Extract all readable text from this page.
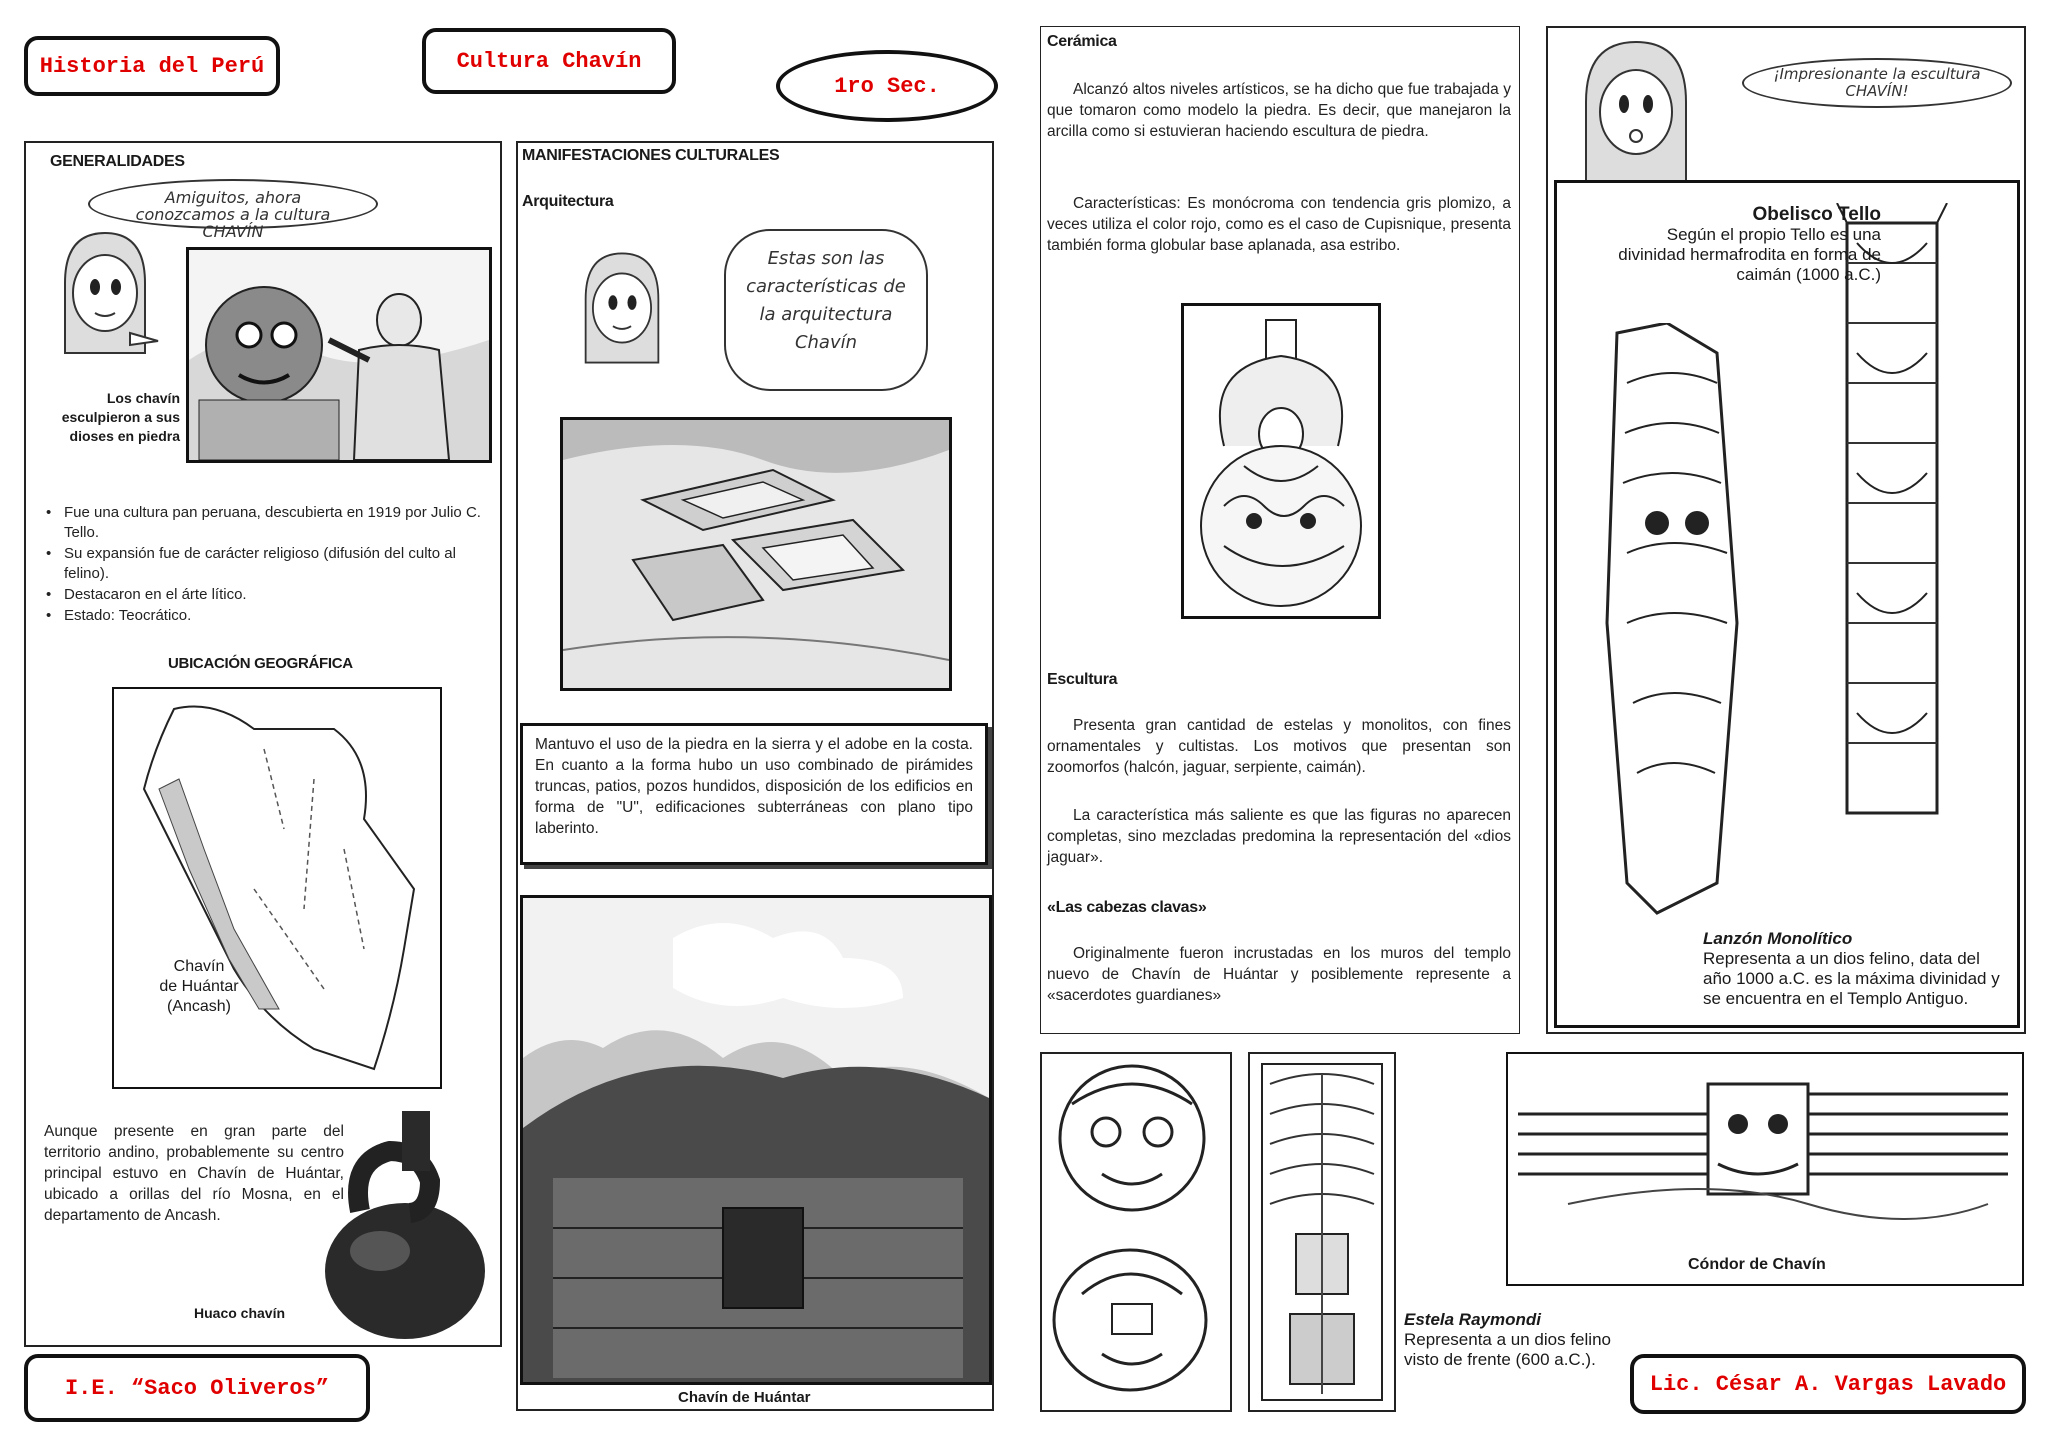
Historia del Perú	Cultura Chavín
1ro Sec.
I.E. “Saco Oliveros”	Lic. César A. Vargas Lavado
GENERALIDADES
Amiguitos, ahora conozcamos a la cultura CHAVÍN
Los chavín esculpieron a sus dioses en piedra
• Fue una cultura pan peruana, descubierta en 1919 por Julio C. Tello.
• Su expansión fue de carácter religioso (difusión del culto al felino).
• Destacaron en el árte lítico.
• Estado: Teocrático.
UBICACIÓN GEOGRÁFICA
Chavín
de Huántar
(Ancash)
Aunque presente en gran parte del territorio andino, probablemente su centro principal estuvo en Chavín de Huántar, ubicado a orillas del río Mosna, en el departamento de Ancash.
Huaco chavín
MANIFESTACIONES CULTURALES
Arquitectura
Estas son las características de la arquitectura Chavín
Mantuvo el uso de la piedra en la sierra y el adobe en la costa. En cuanto a la forma hubo un uso combinado de pirámides truncas, patios, pozos hundidos, disposición de los edificios en forma de "U", edificaciones subterráneas con plano tipo laberinto.
Chavín de Huántar
Cerámica
Alcanzó altos niveles artísticos, se ha dicho que fue trabajada y que tomaron como modelo la piedra. Es decir, que manejaron la arcilla como si estuvieran haciendo escultura de piedra.
Características: Es monócroma con tendencia gris plomizo, a veces utiliza el color rojo, como es el caso de Cupisnique, presenta también forma globular base aplanada, asa estribo.
Escultura
Presenta gran cantidad de estelas y monolitos, con fines ornamentales y cultistas. Los motivos que presentan son zoomorfos (halcón, jaguar, serpiente, caimán).
La característica más saliente es que las figuras no aparecen completas, sino mezcladas predomina la representación del «dios jaguar».
«Las cabezas clavas»
Originalmente fueron incrustadas en los muros del templo nuevo de Chavín de Huántar y posiblemente represente a «sacerdotes guardianes»
Estela Raymondi
Representa a un dios felino visto de frente (600 a.C.).
¡Impresionante la escultura CHAVÍN!
Obelisco Tello
Según el propio Tello es una divinidad hermafrodita en forma de caimán (1000 a.C.)
Lanzón Monolítico
Representa a un dios felino, data del año 1000 a.C. es la máxima divinidad y se encuentra en el Templo Antiguo.
Cóndor de Chavín
